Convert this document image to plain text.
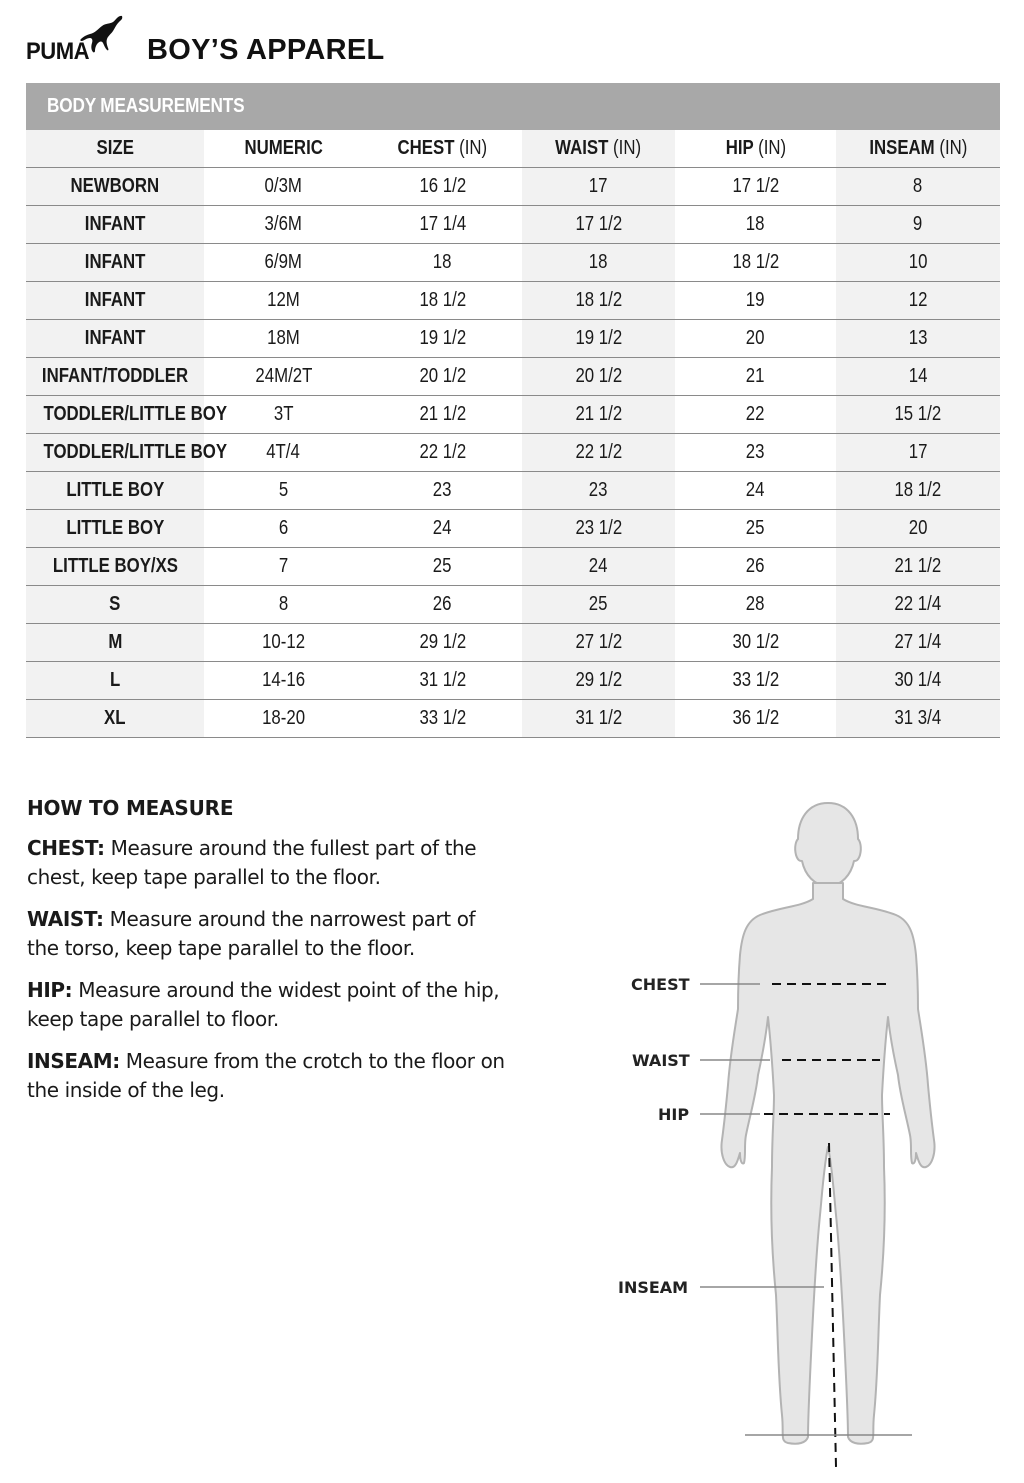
PUMA BOY’S APPAREL
BODY MEASUREMENTS
SIZE	NUMERIC	CHEST (IN)	WAIST (IN)	HIP (IN)	INSEAM (IN)
NEWBORN	0/3M	16 1/2	17	17 1/2	8
INFANT	3/6M	17 1/4	17 1/2	18	9
INFANT	6/9M	18	18	18 1/2	10
INFANT	12M	18 1/2	18 1/2	19	12
INFANT	18M	19 1/2	19 1/2	20	13
INFANT/TODDLER	24M/2T	20 1/2	20 1/2	21	14
TODDLER/LITTLE BOY	3T	21 1/2	21 1/2	22	15 1/2
TODDLER/LITTLE BOY	4T/4	22 1/2	22 1/2	23	17
LITTLE BOY	5	23	23	24	18 1/2
LITTLE BOY	6	24	23 1/2	25	20
LITTLE BOY/XS	7	25	24	26	21 1/2
S	8	26	25	28	22 1/4
M	10-12	29 1/2	27 1/2	30 1/2	27 1/4
L	14-16	31 1/2	29 1/2	33 1/2	30 1/4
XL	18-20	33 1/2	31 1/2	36 1/2	31 3/4
HOW TO MEASURE

CHEST: Measure around the fullest part of the chest, keep tape parallel to the floor.

WAIST: Measure around the narrowest part of the torso, keep tape parallel to the floor.

HIP: Measure around the widest point of the hip, keep tape parallel to floor.

INSEAM: Measure from the crotch to the floor on the inside of the leg.

CHEST
WAIST
HIP
INSEAM
